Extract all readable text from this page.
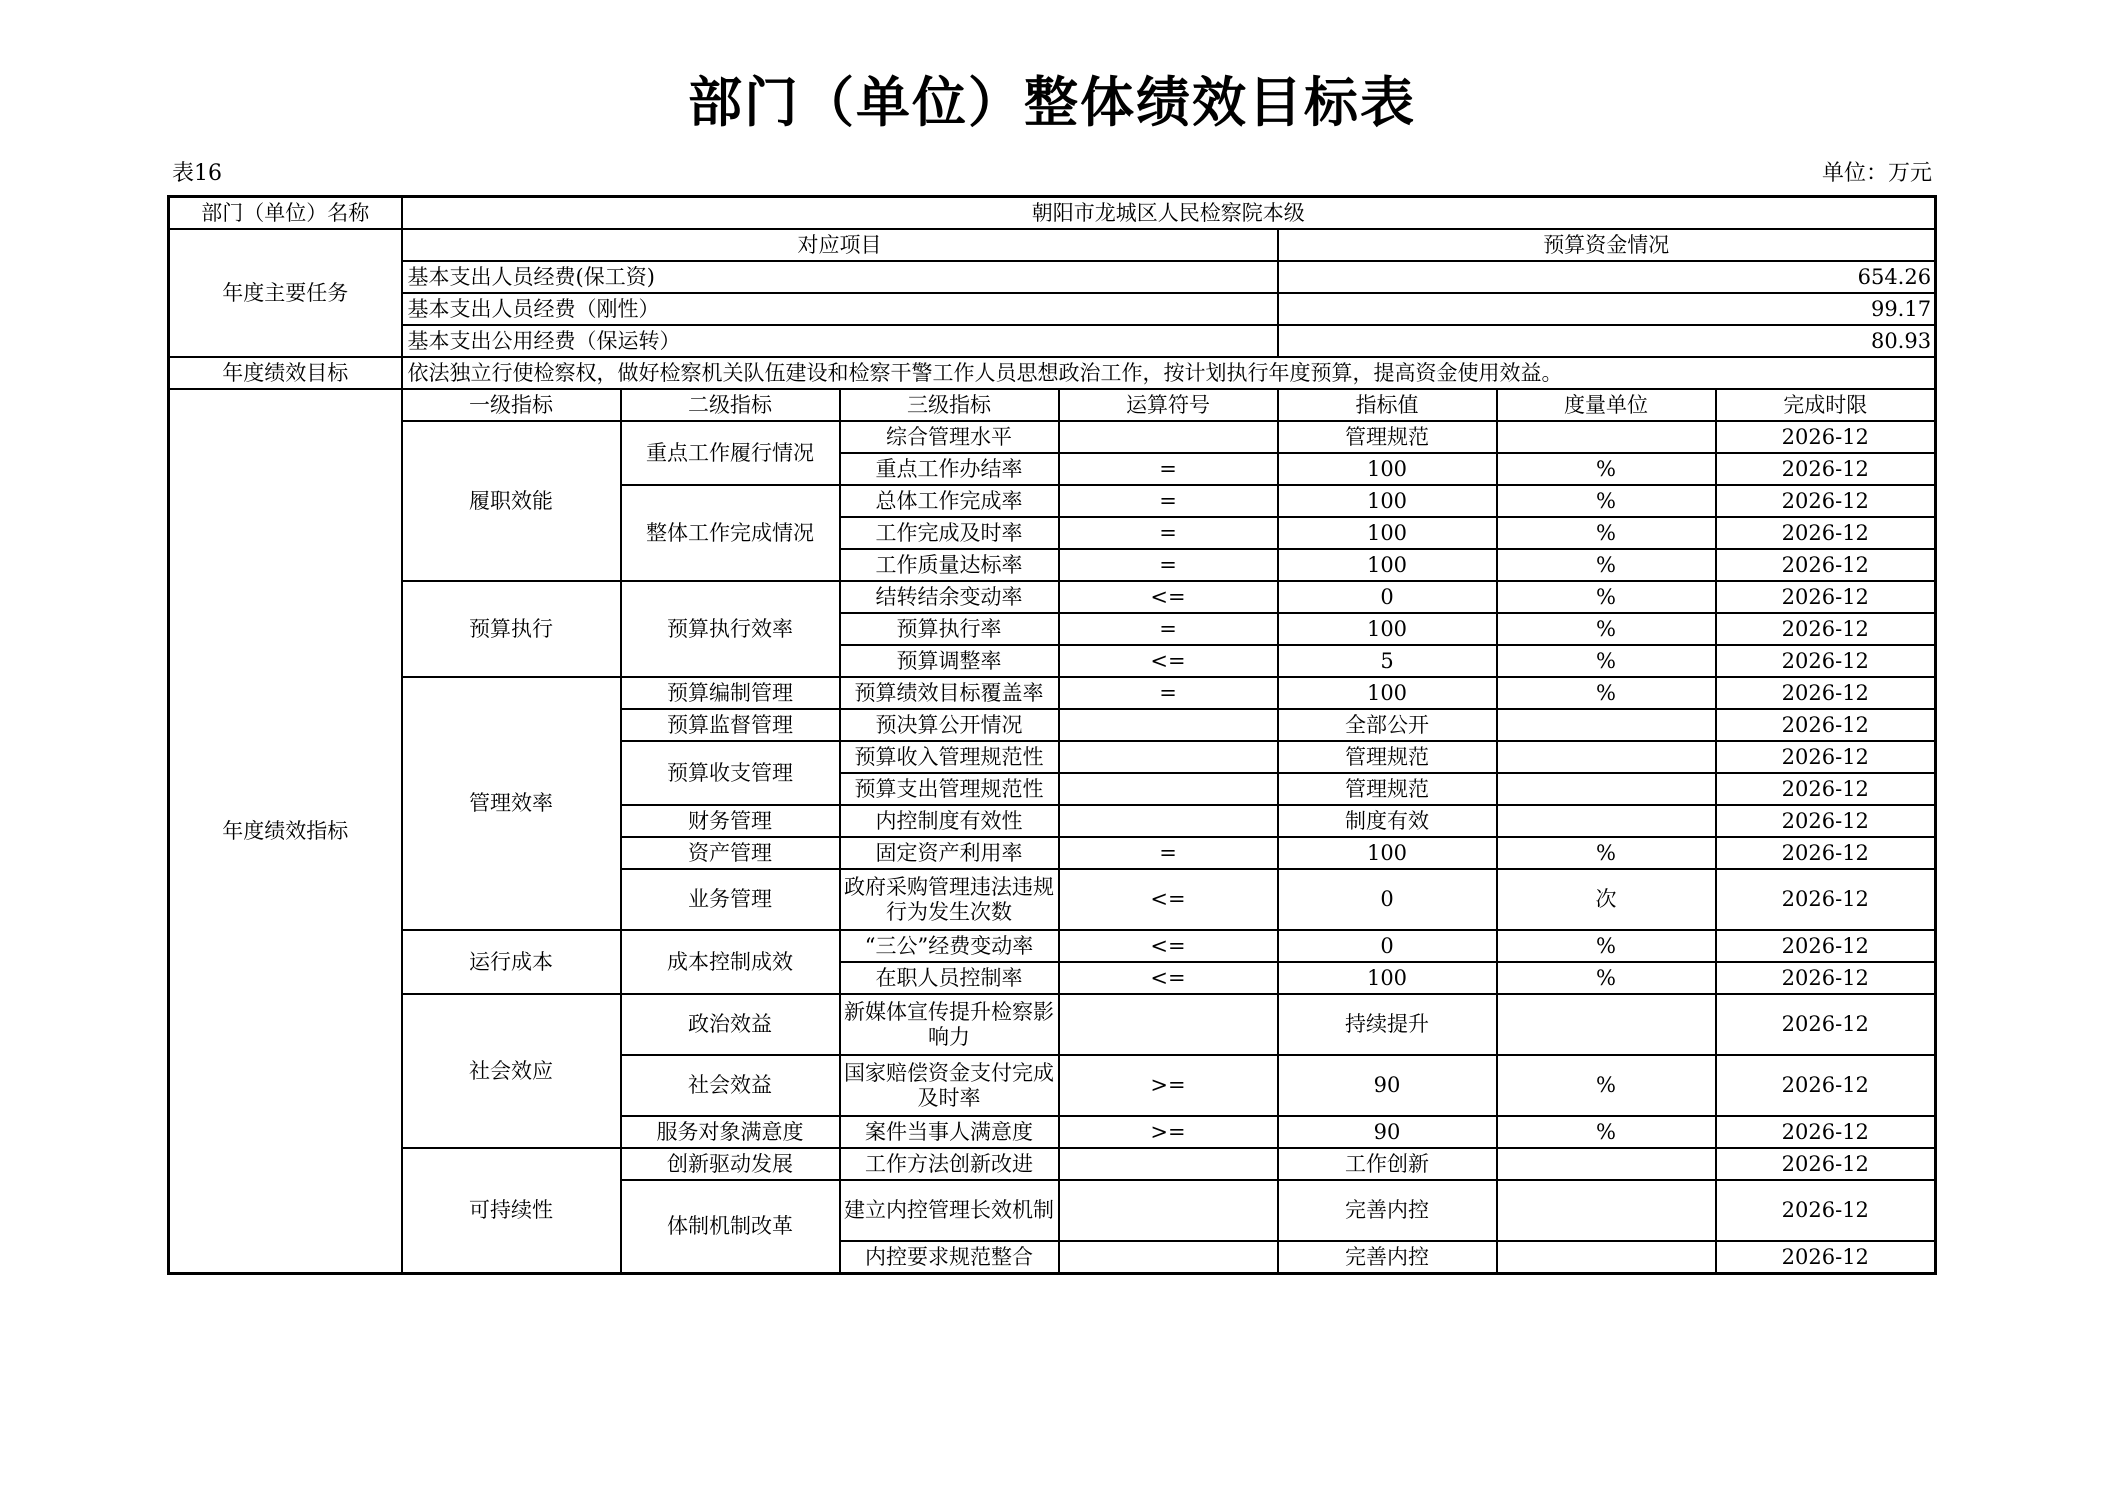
部门（单位）整体绩效目标表
表16	单位：万元
部门（单位）名称	朝阳市龙城区人民检察院本级						
年度主要任务	对应项目				预算资金情况		
	基本支出人员经费(保工资)				654.26		
	基本支出人员经费（刚性）				99.17		
	基本支出公用经费（保运转）				80.93		
年度绩效目标	依法独立行使检察权，做好检察机关队伍建设和检察干警工作人员思想政治工作，按计划执行年度预算，提高资金使用效益。						
年度绩效指标	一级指标	二级指标	三级指标	运算符号	指标值	度量单位	完成时限
	履职效能	重点工作履行情况	综合管理水平		管理规范		2026-12
			重点工作办结率	=	100	%	2026-12
		整体工作完成情况	总体工作完成率	=	100	%	2026-12
			工作完成及时率	=	100	%	2026-12
			工作质量达标率	=	100	%	2026-12
	预算执行	预算执行效率	结转结余变动率	<=	0	%	2026-12
			预算执行率	=	100	%	2026-12
			预算调整率	<=	5	%	2026-12
	管理效率	预算编制管理	预算绩效目标覆盖率	=	100	%	2026-12
		预算监督管理	预决算公开情况		全部公开		2026-12
		预算收支管理	预算收入管理规范性		管理规范		2026-12
			预算支出管理规范性		管理规范		2026-12
		财务管理	内控制度有效性		制度有效		2026-12
		资产管理	固定资产利用率	=	100	%	2026-12
		业务管理	政府采购管理违法违规行为发生次数	<=	0	次	2026-12
	运行成本	成本控制成效	“三公”经费变动率	<=	0	%	2026-12
			在职人员控制率	<=	100	%	2026-12
	社会效应	政治效益	新媒体宣传提升检察影响力		持续提升		2026-12
		社会效益	国家赔偿资金支付完成及时率	>=	90	%	2026-12
		服务对象满意度	案件当事人满意度	>=	90	%	2026-12
	可持续性	创新驱动发展	工作方法创新改进		工作创新		2026-12
		体制机制改革	建立内控管理长效机制		完善内控		2026-12
			内控要求规范整合		完善内控		2026-12
